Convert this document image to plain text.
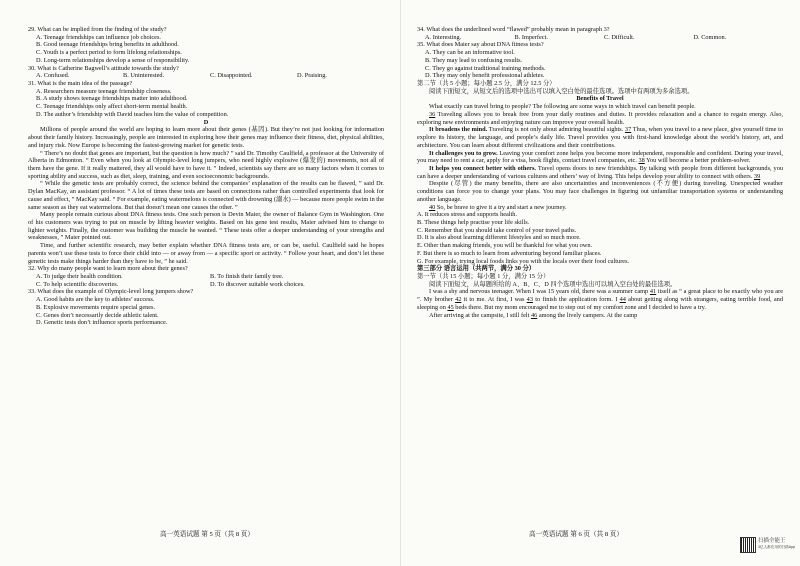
29. What can be implied from the finding of the study?

A. Teenage friendships can influence job choices.
B. Good teenage friendships bring benefits in adulthood.
C. Youth is a perfect period to form lifelong relationships.
D. Long-term relationships develop a sense of responsibility.

30. What is Catherine Bagwell’s attitude towards the study?

A. Confused.	B. Uninterested.	C. Disappointed.	D. Praising.

31. What is the main idea of the passage?

A. Researchers measure teenage friendship closeness.
B. A study shows teenage friendships matter into adulthood.
C. Teenage friendships only affect short-term mental health.
D. The author’s friendship with David teaches him the value of competition.
D

Millions of people around the world are hoping to learn more about their genes (基因). But they’re not just looking for information about their family history. Increasingly, people are interested in exploring how their genes may influence their fitness, diet, physical abilities, and injury risk. Now Europe is becoming the fastest-growing market for genetic tests.

“ There’s no doubt that genes are important, but the question is how much? ” said Dr. Timothy Caulfield, a professor at the University of Alberta in Edmonton. “ Even when you look at Olympic-level long jumpers, who need highly explosive (爆发的) movements, not all of them have the gene. If it really mattered, they all would have to have it. ” Indeed, scientists say there are so many factors when it comes to sporting ability and success, such as diet, sleep, training, and even socioeconomic backgrounds.

“ While the genetic tests are probably correct, the science behind the companies’ explanation of the results can be flawed, ” said Dr. Dylan MacKay, an assistant professor. “ A lot of times these tests are based on connections rather than controlled experiments that look for cause and effect, ” MacKay said. “ For example, eating watermelons is connected with drowning (溺水) — because more people swim in the same season as they eat watermelons. But that doesn’t mean one causes the other. ”

Many people remain curious about DNA fitness tests. One such person is Devin Maier, the owner of Balance Gym in Washington. One of his customers was trying to put on muscle by lifting heavier weights. Based on his gene test results, Maier advised him to change to lighter weights. Finally, the customer was building the muscle he wanted. “ These tests offer a deeper understanding of your strengths and weaknesses, ” Maier pointed out.

Time, and further scientific research, may better explain whether DNA fitness tests are, or can be, useful. Caulfield said he hopes parents won’t use these tests to force their child into — or away from — a specific sport or activity. “ Follow your heart, and don’t let these genetic tests make things harder than they have to be, ” he said.

32. Why do many people want to learn more about their genes?

A. To judge their health condition.	B. To finish their family tree.
C. To help scientific discoveries.	D. To discover suitable work choices.

33. What does the example of Olympic-level long jumpers show?

A. Good habits are the key to athletes’ success.
B. Explosive movements require special genes.
C. Genes don’t necessarily decide athletic talent.
D. Genetic tests don’t influence sports performance.
高一英语试题 第 5 页（共 8 页）

34. What does the underlined word “flawed” probably mean in paragraph 3?

A. Interesting.	B. Imperfect.	C. Difficult.	D. Common.

35. What does Maier say about DNA fitness tests?

A. They can be an informative tool.
B. They may lead to confusing results.
C. They go against traditional training methods.
D. They may only benefit professional athletes.

第二节（共 5 小题；每小题 2.5 分，满分 12.5 分）

阅读下面短文，从短文后的选项中选出可以填入空白处的最佳选项。选项中有两项为多余选项。

Benefits of Travel

What exactly can travel bring to people? The following are some ways in which travel can benefit people.

36 Traveling allows you to break free from your daily routines and duties. It provides relaxation and a chance to regain energy. Also, exploring new environments and enjoying nature can improve your overall health.

It broadens the mind. Traveling is not only about admiring beautiful sights. 37 Thus, when you travel to a new place, give yourself time to explore its history, the language, and people’s daily life. Travel provides you with first-hand knowledge about the world’s history, art, and architecture. You can learn about different civilizations and their contributions.

It challenges you to grow. Leaving your comfort zone helps you become more independent, responsible and confident. During your travel, you may need to rent a car, apply for a visa, book flights, contact travel companies, etc. 38 You will become a better problem-solver.

It helps you connect better with others. Travel opens doors to new friendships. By talking with people from different backgrounds, you can have a deeper understanding of various cultures and others’ way of living. This helps develop your ability to connect with others. 39

Despite (尽管) the many benefits, there are also uncertainties and inconveniences (不方便) during traveling. Unexpected weather conditions can force you to change your plans. You may face challenges in figuring out unfamiliar transportation systems or understanding another language.

40 So, be brave to give it a try and start a new journey.

A. It reduces stress and supports health.
B. These things help practise your life skills.
C. Remember that you should take control of your travel paths.
D. It is also about learning different lifestyles and so much more.
E. Other than making friends, you will be thankful for what you own.
F. But there is so much to learn from adventuring beyond familiar places.
G. For example, trying local foods links you with the locals over their food cultures.

第三部分 语言运用（共两节，满分 30 分）

第一节（共 15 小题；每小题 1 分，满分 15 分）

阅读下面短文，从每题所给的 A、B、C、D 四个选项中选出可以填入空白处的最佳选项。

I was a shy and nervous teenager. When I was 15 years old, there was a summer camp 41 itself as “ a great place to be exactly who you are ”. My brother 42 it to me. At first, I was 43 to finish the application form. I 44 about getting along with strangers, eating terrible food, and sleeping on 45 beds there. But my mom encouraged me to step out of my comfort zone and I decided to have a try.

After arriving at the campsite, I still felt 46 among the lively campers. At the camp

高一英语试题 第 6 页（共 8 页）
扫描全能王
3亿人都在用的扫描App
